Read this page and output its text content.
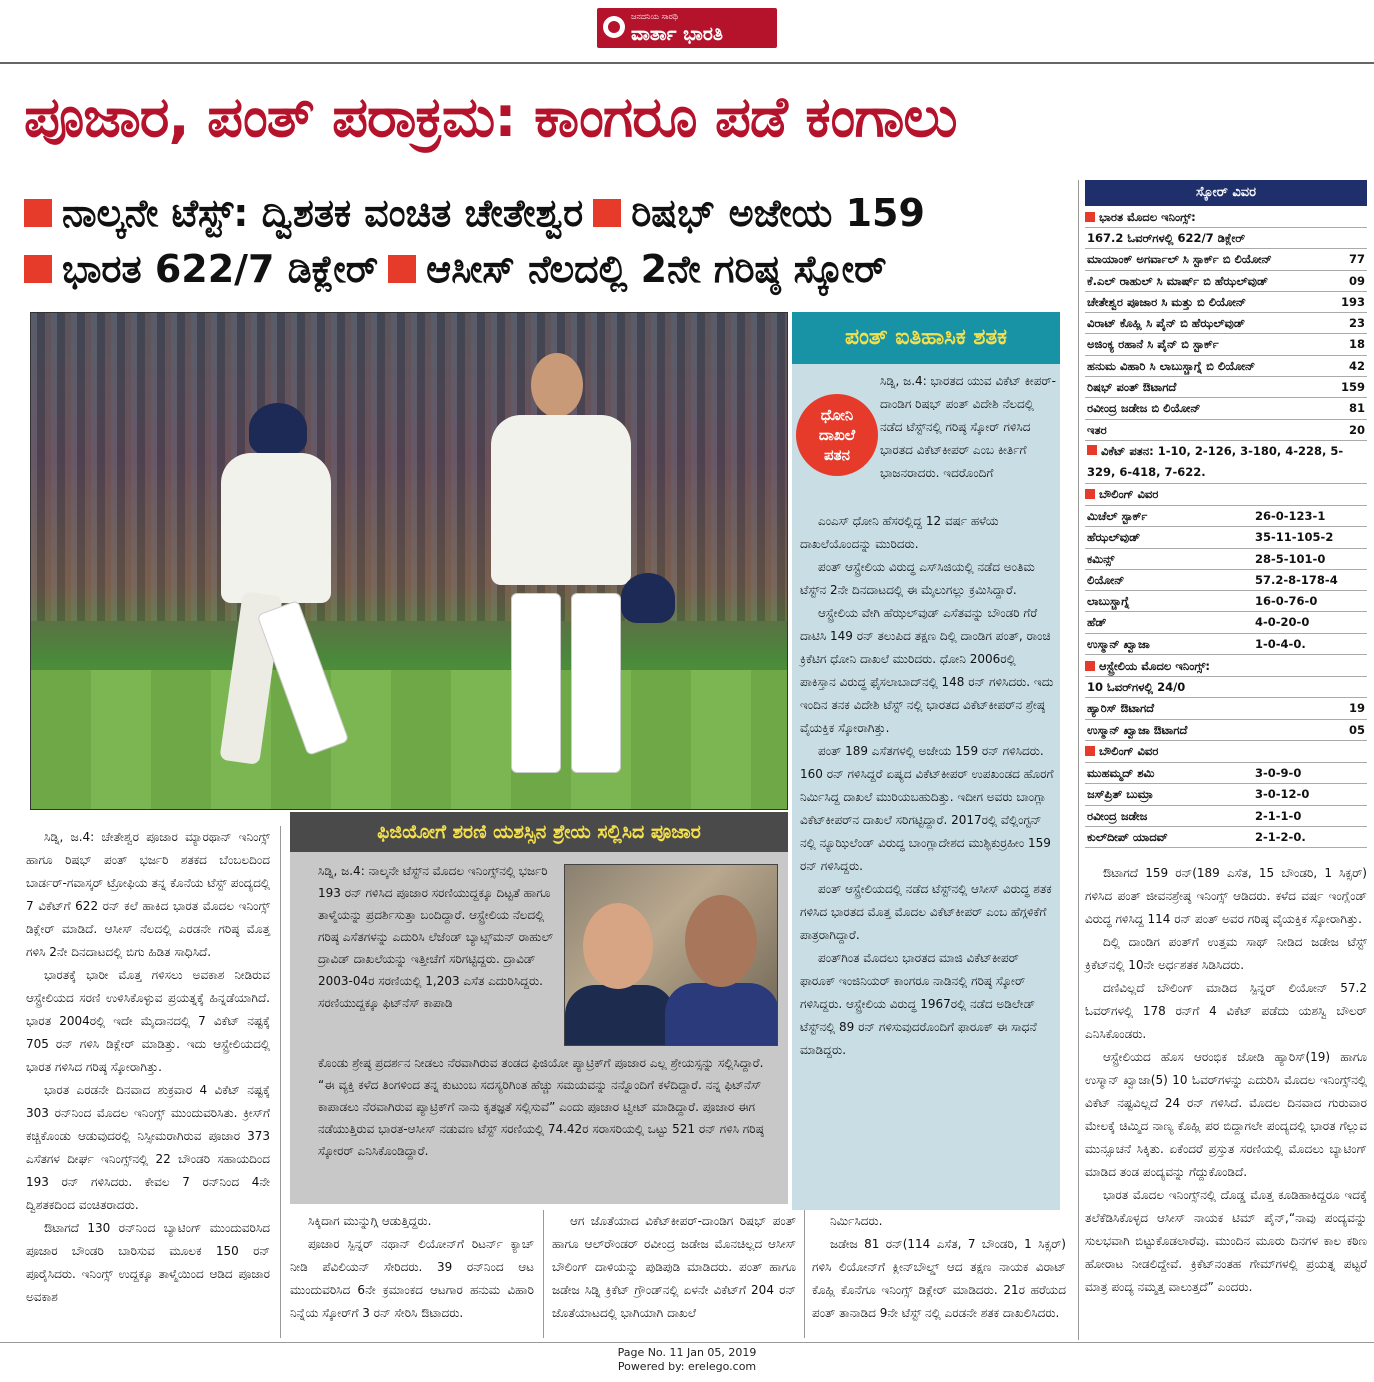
ಜನದನಿಯ ಸಾರಥಿ
ವಾರ್ತಾ ಭಾರತಿ
ಪೂಜಾರ, ಪಂತ್ ಪರಾಕ್ರಮ: ಕಾಂಗರೂ ಪಡೆ ಕಂಗಾಲು
ನಾಲ್ಕನೇ ಟೆಸ್ಟ್: ದ್ವಿಶತಕ ವಂಚಿತ ಚೇತೇಶ್ವರ ರಿಷಭ್ ಅಜೇಯ 159
ಭಾರತ 622/7 ಡಿಕ್ಲೇರ್ ಆಸೀಸ್ ನೆಲದಲ್ಲಿ 2ನೇ ಗರಿಷ್ಠ ಸ್ಕೋರ್
ಪಂತ್ ಐತಿಹಾಸಿಕ ಶತಕ
ಧೋನಿ ದಾಖಲೆ ಪತನ

ಸಿಡ್ನಿ, ಜ.4: ಭಾರತದ ಯುವ ವಿಕೆಟ್ ಕೀಪರ್-ದಾಂಡಿಗ ರಿಷಭ್ ಪಂತ್ ವಿದೇಶಿ ನೆಲದಲ್ಲಿ ನಡೆದ ಟೆಸ್ಟ್‌ನಲ್ಲಿ ಗರಿಷ್ಠ ಸ್ಕೋರ್ ಗಳಿಸಿದ ಭಾರತದ ವಿಕೆಟ್‌ಕೀಪರ್ ಎಂಬ ಕೀರ್ತಿಗೆ ಭಾಜನರಾದರು. ಇದರೊಂದಿಗೆ

ಎಂಎಸ್ ಧೋನಿ ಹೆಸರಲ್ಲಿದ್ದ 12 ವರ್ಷ ಹಳೆಯ ದಾಖಲೆಯೊಂದನ್ನು ಮುರಿದರು.

ಪಂತ್ ಆಸ್ಟ್ರೇಲಿಯ ವಿರುದ್ಧ ಎಸ್‌ಸಿಜಿಯಲ್ಲಿ ನಡೆದ ಅಂತಿಮ ಟೆಸ್ಟ್‌ನ 2ನೇ ದಿನದಾಟದಲ್ಲಿ ಈ ಮೈಲುಗಲ್ಲು ಕ್ರಮಿಸಿದ್ದಾರೆ.

ಆಸ್ಟ್ರೇಲಿಯ ವೇಗಿ ಹೆಝಲ್‌ವುಡ್ ಎಸೆತವನ್ನು ಬೌಂಡರಿ ಗೆರೆ ದಾಟಿಸಿ 149 ರನ್ ತಲುಪಿದ ತಕ್ಷಣ ದಿಲ್ಲಿ ದಾಂಡಿಗ ಪಂತ್, ರಾಂಚಿ ಕ್ರಿಕೆಟಿಗ ಧೋನಿ ದಾಖಲೆ ಮುರಿದರು. ಧೋನಿ 2006ರಲ್ಲಿ ಪಾಕಿಸ್ತಾನ ವಿರುದ್ಧ ಫೈಸಲಾಬಾದ್‌ನಲ್ಲಿ 148 ರನ್ ಗಳಿಸಿದರು. ಇದು ಇಂದಿನ ತನಕ ವಿದೇಶಿ ಟೆಸ್ಟ್ ನಲ್ಲಿ ಭಾರತದ ವಿಕೆಟ್‌ಕೀಪರ್‌ನ ಶ್ರೇಷ್ಠ ವೈಯಕ್ತಿಕ ಸ್ಕೋರಾಗಿತ್ತು.

ಪಂತ್ 189 ಎಸೆತಗಳಲ್ಲಿ ಅಜೇಯ 159 ರನ್ ಗಳಿಸಿದರು. 160 ರನ್ ಗಳಿಸಿದ್ದರೆ ಏಷ್ಯದ ವಿಕೆಟ್‌ಕೀಪರ್ ಉಪಖಂಡದ ಹೊರಗೆ ನಿರ್ಮಿಸಿದ್ದ ದಾಖಲೆ ಮುರಿಯಬಹುದಿತ್ತು. ಇದೀಗ ಅವರು ಬಾಂಗ್ಲಾ ವಿಕೆಟ್‌ಕೀಪರ್‌ನ ದಾಖಲೆ ಸರಿಗಟ್ಟಿದ್ದಾರೆ. 2017ರಲ್ಲಿ ವೆಲ್ಲಿಂಗ್ಟನ್ ನಲ್ಲಿ ನ್ಯೂಝಿಲೆಂಡ್ ವಿರುದ್ಧ ಬಾಂಗ್ಲಾದೇಶದ ಮುಶ್ಫಿಕುರ್ರಹೀಂ 159 ರನ್ ಗಳಿಸಿದ್ದರು.

ಪಂತ್ ಆಸ್ಟ್ರೇಲಿಯದಲ್ಲಿ ನಡೆದ ಟೆಸ್ಟ್‌ನಲ್ಲಿ ಆಸೀಸ್ ವಿರುದ್ಧ ಶತಕ ಗಳಿಸಿದ ಭಾರತದ ಮೊತ್ತ ಮೊದಲ ವಿಕೆಟ್‌ಕೀಪರ್ ಎಂಬ ಹೆಗ್ಗಳಿಕೆಗೆ ಪಾತ್ರರಾಗಿದ್ದಾರೆ.

ಪಂತ್‌ಗಿಂತ ಮೊದಲು ಭಾರತದ ಮಾಜಿ ವಿಕೆಟ್‌ಕೀಪರ್ ಫಾರೂಕ್ ಇಂಜಿನಿಯರ್ ಕಾಂಗರೂ ನಾಡಿನಲ್ಲಿ ಗರಿಷ್ಠ ಸ್ಕೋರ್ ಗಳಿಸಿದ್ದರು. ಆಸ್ಟ್ರೇಲಿಯ ವಿರುದ್ಧ 1967ರಲ್ಲಿ ನಡೆದ ಅಡಿಲೇಡ್ ಟೆಸ್ಟ್‌ನಲ್ಲಿ 89 ರನ್ ಗಳಿಸುವುದರೊಂದಿಗೆ ಫಾರೂಕ್ ಈ ಸಾಧನೆ ಮಾಡಿದ್ದರು.

ಫಿಜಿಯೋಗೆ ಶರಣಿ ಯಶಸ್ಸಿನ ಶ್ರೇಯ ಸಲ್ಲಿಸಿದ ಪೂಜಾರ

ಸಿಡ್ನಿ, ಜ.4: ನಾಲ್ಕನೇ ಟೆಸ್ಟ್‌ನ ಮೊದಲ ಇನಿಂಗ್ಸ್‌ನಲ್ಲಿ ಭರ್ಜರಿ 193 ರನ್ ಗಳಿಸಿದ ಪೂಜಾರ ಸರಣಿಯುದ್ದಕ್ಕೂ ದಿಟ್ಟತೆ ಹಾಗೂ ತಾಳ್ಮೆಯನ್ನು ಪ್ರದರ್ಶಿಸುತ್ತಾ ಬಂದಿದ್ದಾರೆ. ಆಸ್ಟ್ರೇಲಿಯ ನೆಲದಲ್ಲಿ ಗರಿಷ್ಠ ಎಸೆತಗಳನ್ನು ಎದುರಿಸಿ ಲೆಜೆಂಡ್ ಬ್ಯಾಟ್ಸ್‌ಮನ್ ರಾಹುಲ್ ದ್ರಾವಿಡ್ ದಾಖಲೆಯನ್ನು ಇತ್ತೀಚೆಗೆ ಸರಿಗಟ್ಟಿದ್ದರು. ದ್ರಾವಿಡ್ 2003-04ರ ಸರಣಿಯಲ್ಲಿ 1,203 ಎಸೆತ ಎದುರಿಸಿದ್ದರು. ಸರಣಿಯುದ್ದಕ್ಕೂ ಫಿಟ್‌ನೆಸ್ ಕಾಪಾಡಿ

ಕೊಂಡು ಶ್ರೇಷ್ಠ ಪ್ರದರ್ಶನ ನೀಡಲು ನೆರವಾಗಿರುವ ತಂಡದ ಫಿಜಿಯೋ ಪ್ಯಾಟ್ರಿಕ್‌ಗೆ ಪೂಜಾರ ಎಲ್ಲ ಶ್ರೇಯಸ್ಸನ್ನು ಸಲ್ಲಿಸಿದ್ದಾರೆ. “ಈ ವ್ಯಕ್ತಿ ಕಳೆದ ತಿಂಗಳಿಂದ ತನ್ನ ಕುಟುಂಬ ಸದಸ್ಯರಿಗಿಂತ ಹೆಚ್ಚು ಸಮಯವನ್ನು ನನ್ನೊಂದಿಗೆ ಕಳೆದಿದ್ದಾರೆ. ನನ್ನ ಫಿಟ್‌ನೆಸ್ ಕಾಪಾಡಲು ನೆರವಾಗಿರುವ ಪ್ಯಾಟ್ರಿಕ್‌ಗೆ ನಾನು ಕೃತಜ್ಞತೆ ಸಲ್ಲಿಸುವೆ” ಎಂದು ಪೂಜಾರ ಟ್ವೀಟ್ ಮಾಡಿದ್ದಾರೆ. ಪೂಜಾರ ಈಗ ನಡೆಯುತ್ತಿರುವ ಭಾರತ-ಆಸೀಸ್ ನಡುವಣ ಟೆಸ್ಟ್ ಸರಣಿಯಲ್ಲಿ 74.42ರ ಸರಾಸರಿಯಲ್ಲಿ ಒಟ್ಟು 521 ರನ್ ಗಳಿಸಿ ಗರಿಷ್ಠ ಸ್ಕೋರರ್ ಎನಿಸಿಕೊಂಡಿದ್ದಾರೆ.

ಸಿಡ್ನಿ, ಜ.4: ಚೇತೇಶ್ವರ ಪೂಜಾರ ಮ್ಯಾರಥಾನ್ ಇನಿಂಗ್ಸ್ ಹಾಗೂ ರಿಷಭ್ ಪಂತ್ ಭರ್ಜರಿ ಶತಕದ ಬೆಂಬಲದಿಂದ ಬಾರ್ಡರ್-ಗವಾಸ್ಕರ್ ಟ್ರೋಫಿಯ ತನ್ನ ಕೊನೆಯ ಟೆಸ್ಟ್ ಪಂದ್ಯದಲ್ಲಿ 7 ವಿಕೆಟ್‌ಗೆ 622 ರನ್ ಕಲೆ ಹಾಕಿದ ಭಾರತ ಮೊದಲ ಇನಿಂಗ್ಸ್ ಡಿಕ್ಲೇರ್ ಮಾಡಿದೆ. ಆಸೀಸ್ ನೆಲದಲ್ಲಿ ಎರಡನೇ ಗರಿಷ್ಠ ಮೊತ್ತ ಗಳಿಸಿ 2ನೇ ದಿನದಾಟದಲ್ಲಿ ಬಿಗು ಹಿಡಿತ ಸಾಧಿಸಿದೆ.

ಭಾರತಕ್ಕೆ ಭಾರೀ ಮೊತ್ತ ಗಳಿಸಲು ಅವಕಾಶ ನೀಡಿರುವ ಆಸ್ಟ್ರೇಲಿಯದ ಸರಣಿ ಉಳಿಸಿಕೊಳ್ಳುವ ಪ್ರಯತ್ನಕ್ಕೆ ಹಿನ್ನಡೆಯಾಗಿದೆ. ಭಾರತ 2004ರಲ್ಲಿ ಇದೇ ಮೈದಾನದಲ್ಲಿ 7 ವಿಕೆಟ್ ನಷ್ಟಕ್ಕೆ 705 ರನ್ ಗಳಿಸಿ ಡಿಕ್ಲೇರ್ ಮಾಡಿತ್ತು. ಇದು ಆಸ್ಟ್ರೇಲಿಯದಲ್ಲಿ ಭಾರತ ಗಳಿಸಿದ ಗರಿಷ್ಠ ಸ್ಕೋರಾಗಿತ್ತು.

ಭಾರತ ಎರಡನೇ ದಿನವಾದ ಶುಕ್ರವಾರ 4 ವಿಕೆಟ್ ನಷ್ಟಕ್ಕೆ 303 ರನ್‌ನಿಂದ ಮೊದಲ ಇನಿಂಗ್ಸ್ ಮುಂದುವರಿಸಿತು. ಕ್ರೀಸ್‌ಗೆ ಕಚ್ಚಿಕೊಂಡು ಆಡುವುದರಲ್ಲಿ ನಿಸ್ಸೀಮರಾಗಿರುವ ಪೂಜಾರ 373 ಎಸೆತಗಳ ದೀರ್ಘ ಇನಿಂಗ್ಸ್‌ನಲ್ಲಿ 22 ಬೌಂಡರಿ ಸಹಾಯದಿಂದ 193 ರನ್ ಗಳಿಸಿದರು. ಕೇವಲ 7 ರನ್‌ನಿಂದ 4ನೇ ದ್ವಿಶತಕದಿಂದ ವಂಚಿತರಾದರು.

ಔಟಾಗದೆ 130 ರನ್‌ನಿಂದ ಬ್ಯಾಟಿಂಗ್ ಮುಂದುವರಿಸಿದ ಪೂಜಾರ ಬೌಂಡರಿ ಬಾರಿಸುವ ಮೂಲಕ 150 ರನ್ ಪೂರೈಸಿದರು. ಇನಿಂಗ್ಸ್ ಉದ್ದಕ್ಕೂ ತಾಳ್ಮೆಯಿಂದ ಆಡಿದ ಪೂಜಾರ ಅವಕಾಶ

ಸಿಕ್ಕಿದಾಗ ಮುನ್ನುಗ್ಗಿ ಆಡುತ್ತಿದ್ದರು.

ಪೂಜಾರ ಸ್ಪಿನ್ನರ್ ನಥಾನ್ ಲಿಯೋನ್‌ಗೆ ರಿಟರ್ನ್ ಕ್ಯಾಚ್ ನೀಡಿ ಪೆವಿಲಿಯನ್ ಸೇರಿದರು. 39 ರನ್‌ನಿಂದ ಆಟ ಮುಂದುವರಿಸಿದ 6ನೇ ಕ್ರಮಾಂಕದ ಆಟಗಾರ ಹನುಮ ವಿಹಾರಿ ನಿನ್ನೆಯ ಸ್ಕೋರ್‌ಗೆ 3 ರನ್ ಸೇರಿಸಿ ಔಟಾದರು.

ಆಗ ಜೊತೆಯಾದ ವಿಕೆಟ್‌ಕೀಪರ್-ದಾಂಡಿಗ ರಿಷಭ್ ಪಂತ್ ಹಾಗೂ ಆಲ್‌ರೌಂಡರ್ ರವೀಂದ್ರ ಜಡೇಜ ಮೊನಚಿಲ್ಲದ ಆಸೀಸ್ ಬೌಲಿಂಗ್ ದಾಳಿಯನ್ನು ಪುಡಿಪುಡಿ ಮಾಡಿದರು. ಪಂತ್ ಹಾಗೂ ಜಡೇಜ ಸಿಡ್ನಿ ಕ್ರಿಕೆಟ್ ಗ್ರೌಂಡ್‌ನಲ್ಲಿ ಏಳನೇ ವಿಕೆಟ್‌ಗೆ 204 ರನ್ ಜೊತೆಯಾಟದಲ್ಲಿ ಭಾಗಿಯಾಗಿ ದಾಖಲೆ

ನಿರ್ಮಿಸಿದರು.

ಜಡೇಜ 81 ರನ್(114 ಎಸೆತ, 7 ಬೌಂಡರಿ, 1 ಸಿಕ್ಸರ್) ಗಳಿಸಿ ಲಿಯೋನ್‌ಗೆ ಕ್ಲೀನ್‌ಬೌಲ್ಡ್ ಆದ ತಕ್ಷಣ ನಾಯಕ ವಿರಾಟ್ ಕೊಹ್ಲಿ ಕೊನೆಗೂ ಇನಿಂಗ್ಸ್ ಡಿಕ್ಲೇರ್ ಮಾಡಿದರು. 21ರ ಹರೆಯದ ಪಂತ್ ತಾನಾಡಿದ 9ನೇ ಟೆಸ್ಟ್ ನಲ್ಲಿ ಎರಡನೇ ಶತಕ ದಾಖಲಿಸಿದರು.

ಸ್ಕೋರ್ ವಿವರ
ಭಾರತ ಮೊದಲ ಇನಿಂಗ್ಸ್:
167.2 ಓವರ್‌ಗಳಲ್ಲಿ 622/7 ಡಿಕ್ಲೇರ್
ಮಾಯಾಂಕ್ ಅಗರ್ವಾಲ್ ಸಿ ಸ್ಟಾರ್ಕ್ ಬಿ ಲಿಯೋನ್	77
ಕೆ.ಎಲ್ ರಾಹುಲ್ ಸಿ ಮಾರ್ಷ್ ಬಿ ಹೆಝಲ್‌ವುಡ್	09
ಚೇತೇಶ್ವರ ಪೂಜಾರ ಸಿ ಮತ್ತು ಬಿ ಲಿಯೋನ್	193
ವಿರಾಟ್ ಕೊಹ್ಲಿ ಸಿ ಪೈನ್ ಬಿ ಹೆಝಲ್‌ವುಡ್	23
ಅಜಿಂಕ್ಯ ರಹಾನೆ ಸಿ ಪೈನ್ ಬಿ ಸ್ಟಾರ್ಕ್	18
ಹನುಮ ವಿಹಾರಿ ಸಿ ಲಾಬುಸ್ಚಾಗ್ನೆ ಬಿ ಲಿಯೋನ್	42
ರಿಷಭ್ ಪಂತ್ ಔಟಾಗದೆ	159
ರವೀಂದ್ರ ಜಡೇಜ ಬಿ ಲಿಯೋನ್	81
ಇತರ	20
ವಿಕೆಟ್ ಪತನ: 1-10, 2-126, 3-180, 4-228, 5-329, 6-418, 7-622.
ಬೌಲಿಂಗ್ ವಿವರ
ಮಿಚೆಲ್ ಸ್ಟಾರ್ಕ್	26-0-123-1
ಹೆಝಲ್‌ವುಡ್	35-11-105-2
ಕಮಿನ್ಸ್	28-5-101-0
ಲಿಯೋನ್	57.2-8-178-4
ಲಾಬುಸ್ಚಾಗ್ನೆ	16-0-76-0
ಹೆಡ್	4-0-20-0
ಉಸ್ಮಾನ್ ಖ್ವಾಜಾ	1-0-4-0.
ಆಸ್ಟ್ರೇಲಿಯ ಮೊದಲ ಇನಿಂಗ್ಸ್:
10 ಓವರ್‌ಗಳಲ್ಲಿ 24/0
ಹ್ಯಾರಿಸ್ ಔಟಾಗದೆ	19
ಉಸ್ಮಾನ್ ಖ್ವಾಜಾ ಔಟಾಗದೆ	05
ಬೌಲಿಂಗ್ ವಿವರ
ಮುಹಮ್ಮದ್ ಶಮಿ	3-0-9-0
ಜಸ್‌ಪ್ರಿತ್ ಬುಮ್ರಾ	3-0-12-0
ರವೀಂದ್ರ ಜಡೇಜ	2-1-1-0
ಕುಲ್‌ದೀಪ್ ಯಾದವ್	2-1-2-0.

ಔಟಾಗದೆ 159 ರನ್(189 ಎಸೆತ, 15 ಬೌಂಡರಿ, 1 ಸಿಕ್ಸರ್) ಗಳಿಸಿದ ಪಂತ್ ಜೀವನಶ್ರೇಷ್ಠ ಇನಿಂಗ್ಸ್ ಆಡಿದರು. ಕಳೆದ ವರ್ಷ ಇಂಗ್ಲೆಂಡ್ ವಿರುದ್ಧ ಗಳಿಸಿದ್ದ 114 ರನ್ ಪಂತ್ ಅವರ ಗರಿಷ್ಠ ವೈಯಕ್ತಿಕ ಸ್ಕೋರಾಗಿತ್ತು.

ದಿಲ್ಲಿ ದಾಂಡಿಗ ಪಂತ್‌ಗೆ ಉತ್ತಮ ಸಾಥ್ ನೀಡಿದ ಜಡೇಜ ಟೆಸ್ಟ್ ಕ್ರಿಕೆಟ್‌ನಲ್ಲಿ 10ನೇ ಅರ್ಧಶತಕ ಸಿಡಿಸಿದರು.

ದಣಿವಿಲ್ಲದೆ ಬೌಲಿಂಗ್ ಮಾಡಿದ ಸ್ಪಿನ್ನರ್ ಲಿಯೋನ್ 57.2 ಓವರ್‌ಗಳಲ್ಲಿ 178 ರನ್‌ಗೆ 4 ವಿಕೆಟ್ ಪಡೆದು ಯಶಸ್ವಿ ಬೌಲರ್ ಎನಿಸಿಕೊಂಡರು.

ಆಸ್ಟ್ರೇಲಿಯದ ಹೊಸ ಆರಂಭಿಕ ಜೋಡಿ ಹ್ಯಾರಿಸ್(19) ಹಾಗೂ ಉಸ್ಮಾನ್ ಖ್ವಾಜಾ(5) 10 ಓವರ್‌ಗಳನ್ನು ಎದುರಿಸಿ ಮೊದಲ ಇನಿಂಗ್ಸ್‌ನಲ್ಲಿ ವಿಕೆಟ್ ನಷ್ಟವಿಲ್ಲದೆ 24 ರನ್ ಗಳಿಸಿದೆ. ಮೊದಲ ದಿನವಾದ ಗುರುವಾರ ಮೇಲಕ್ಕೆ ಚಿಮ್ಮಿದ ನಾಣ್ಯ ಕೊಹ್ಲಿ ಪರ ಬಿದ್ದಾಗಲೇ ಪಂದ್ಯದಲ್ಲಿ ಭಾರತ ಗೆಲ್ಲುವ ಮುನ್ಸೂಚನೆ ಸಿಕ್ಕಿತು. ಏಕೆಂದರೆ ಪ್ರಸ್ತುತ ಸರಣಿಯಲ್ಲಿ ಮೊದಲು ಬ್ಯಾಟಿಂಗ್ ಮಾಡಿದ ತಂಡ ಪಂದ್ಯವನ್ನು ಗೆದ್ದುಕೊಂಡಿದೆ.

ಭಾರತ ಮೊದಲ ಇನಿಂಗ್ಸ್‌ನಲ್ಲಿ ದೊಡ್ಡ ಮೊತ್ತ ಕೂಡಿಹಾಕಿದ್ದರೂ ಇದಕ್ಕೆ ತಲೆಕೆಡಿಸಿಕೊಳ್ಳದ ಆಸೀಸ್ ನಾಯಕ ಟಿಮ್ ಪೈನ್,“ನಾವು ಪಂದ್ಯವನ್ನು ಸುಲಭವಾಗಿ ಬಿಟ್ಟುಕೊಡಲಾರೆವು. ಮುಂದಿನ ಮೂರು ದಿನಗಳ ಕಾಲ ಕಠಿಣ ಹೋರಾಟ ನೀಡಲಿದ್ದೇವೆ. ಕ್ರಿಕೆಟ್‌ನಂತಹ ಗೇಮ್‌ಗಳಲ್ಲಿ ಪ್ರಯತ್ನ ಪಟ್ಟರೆ ಮಾತ್ರ ಪಂದ್ಯ ನಮ್ಮತ್ತ ವಾಲುತ್ತದೆ” ಎಂದರು.

Page No. 11 Jan 05, 2019
Powered by: erelego.com
